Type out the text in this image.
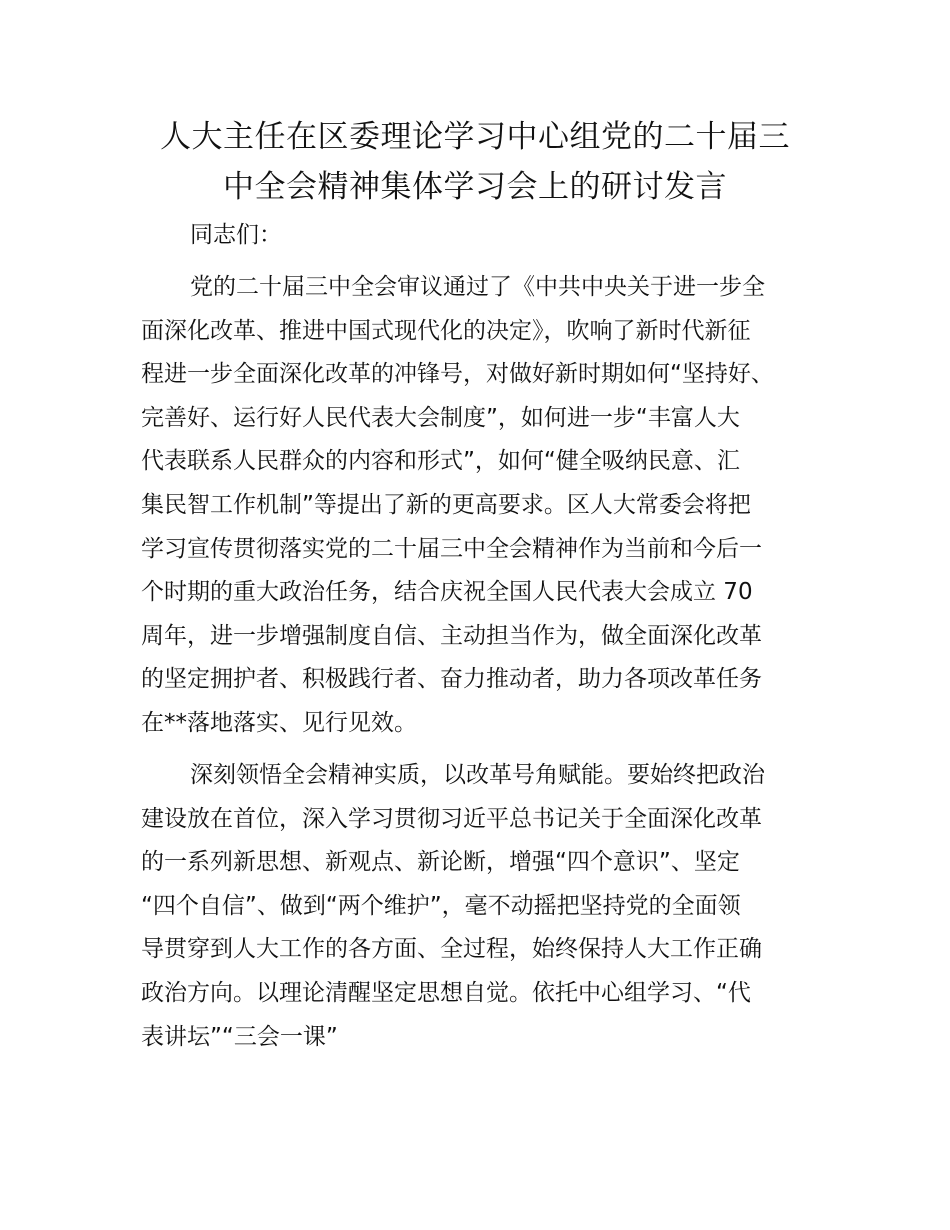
人大主任在区委理论学习中心组党的二十届三
中全会精神集体学习会上的研讨发言
同志们：
党的二十届三中全会审议通过了《中共中央关于进一步全
面深化改革、推进中国式现代化的决定》，吹响了新时代新征
程进一步全面深化改革的冲锋号，对做好新时期如何“坚持好、
完善好、运行好人民代表大会制度”，如何进一步“丰富人大
代表联系人民群众的内容和形式”，如何“健全吸纳民意、汇
集民智工作机制”等提出了新的更高要求。区人大常委会将把
学习宣传贯彻落实党的二十届三中全会精神作为当前和今后一
个时期的重大政治任务，结合庆祝全国人民代表大会成立 70
周年，进一步增强制度自信、主动担当作为，做全面深化改革
的坚定拥护者、积极践行者、奋力推动者，助力各项改革任务
在**落地落实、见行见效。
深刻领悟全会精神实质，以改革号角赋能。要始终把政治
建设放在首位，深入学习贯彻习近平总书记关于全面深化改革
的一系列新思想、新观点、新论断，增强“四个意识”、坚定
“四个自信”、做到“两个维护”，毫不动摇把坚持党的全面领
导贯穿到人大工作的各方面、全过程，始终保持人大工作正确
政治方向。以理论清醒坚定思想自觉。依托中心组学习、“代
表讲坛”“三会一课”
